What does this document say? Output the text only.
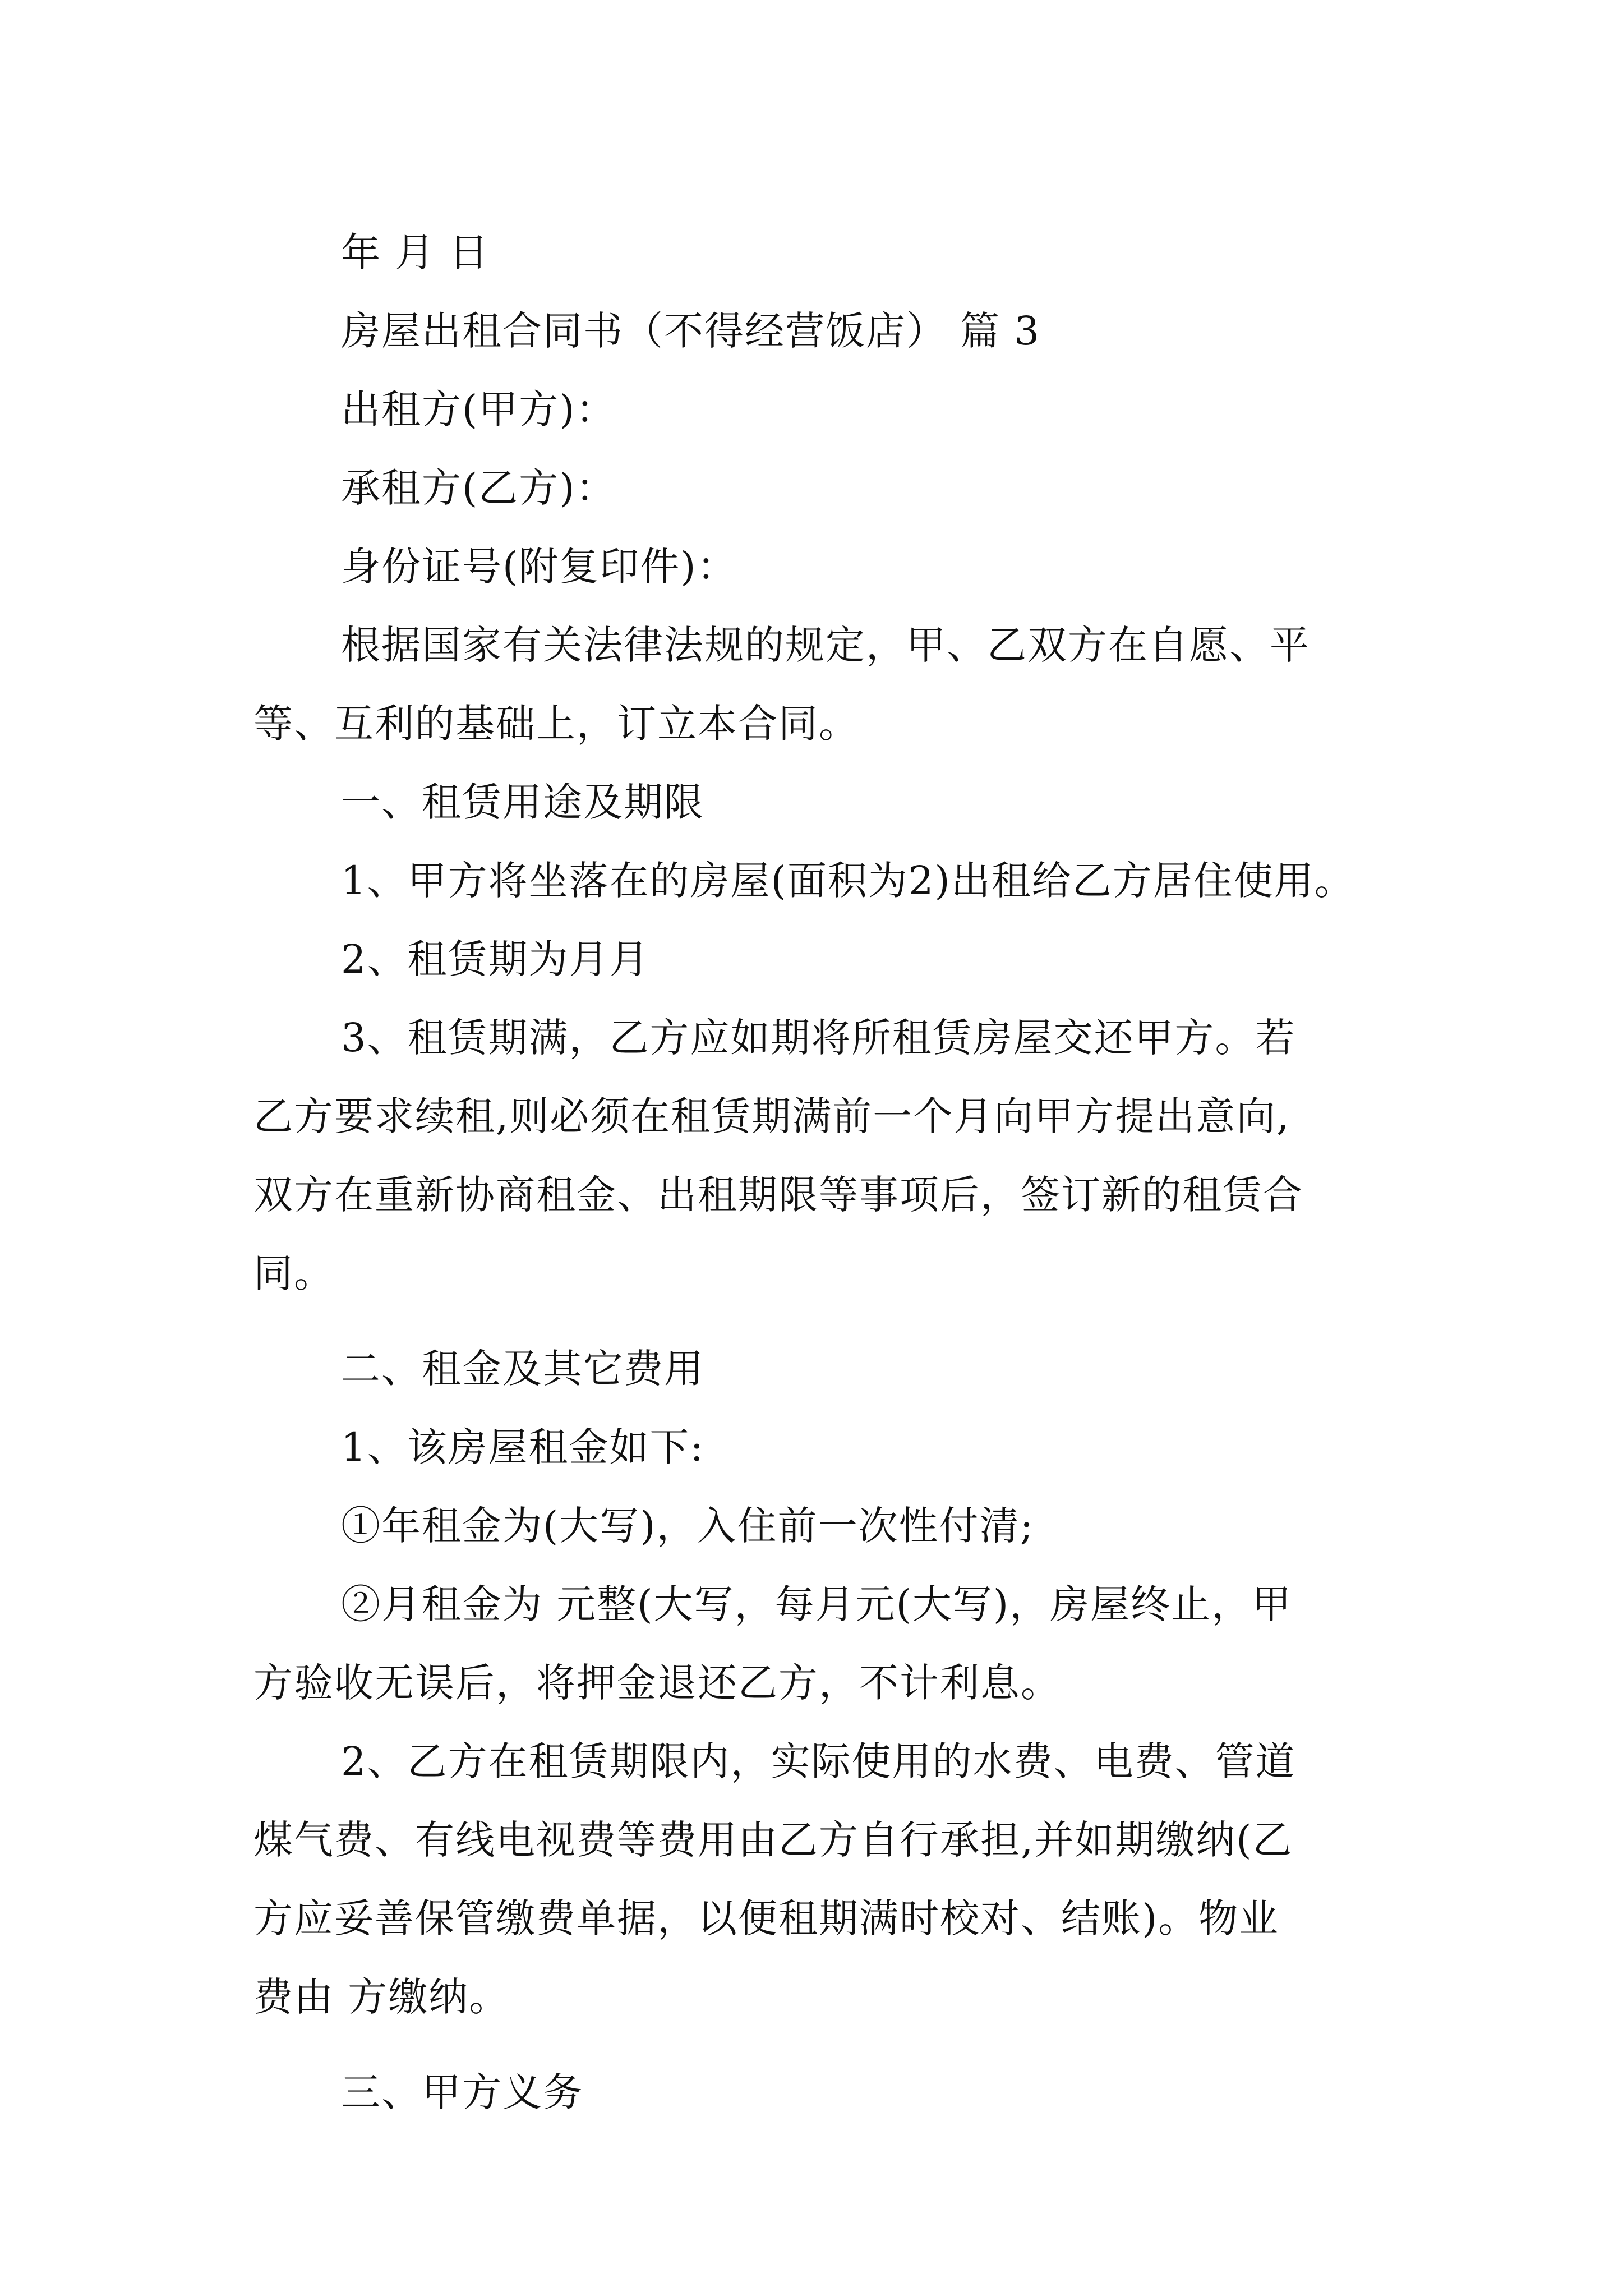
年 月 日

房屋出租合同书（不得经营饭店） 篇 3

出租方(甲方)：

承租方(乙方)：

身份证号(附复印件)：

根据国家有关法律法规的规定，甲、乙双方在自愿、平
等、互利的基础上，订立本合同。

一、租赁用途及期限

1、甲方将坐落在的房屋(面积为2)出租给乙方居住使用。

2、租赁期为月月

3、租赁期满，乙方应如期将所租赁房屋交还甲方。若
乙方要求续租,则必须在租赁期满前一个月向甲方提出意向,
双方在重新协商租金、出租期限等事项后，签订新的租赁合
同。

二、租金及其它费用

1、该房屋租金如下:

①年租金为(大写)，入住前一次性付清;

②月租金为 元整(大写，每月元(大写)，房屋终止，甲
方验收无误后，将押金退还乙方，不计利息。
2、乙方在租赁期限内，实际使用的水费、电费、管道
煤气费、有线电视费等费用由乙方自行承担,并如期缴纳(乙
方应妥善保管缴费单据，以便租期满时校对、结账)。物业
费由 方缴纳。

三、甲方义务
